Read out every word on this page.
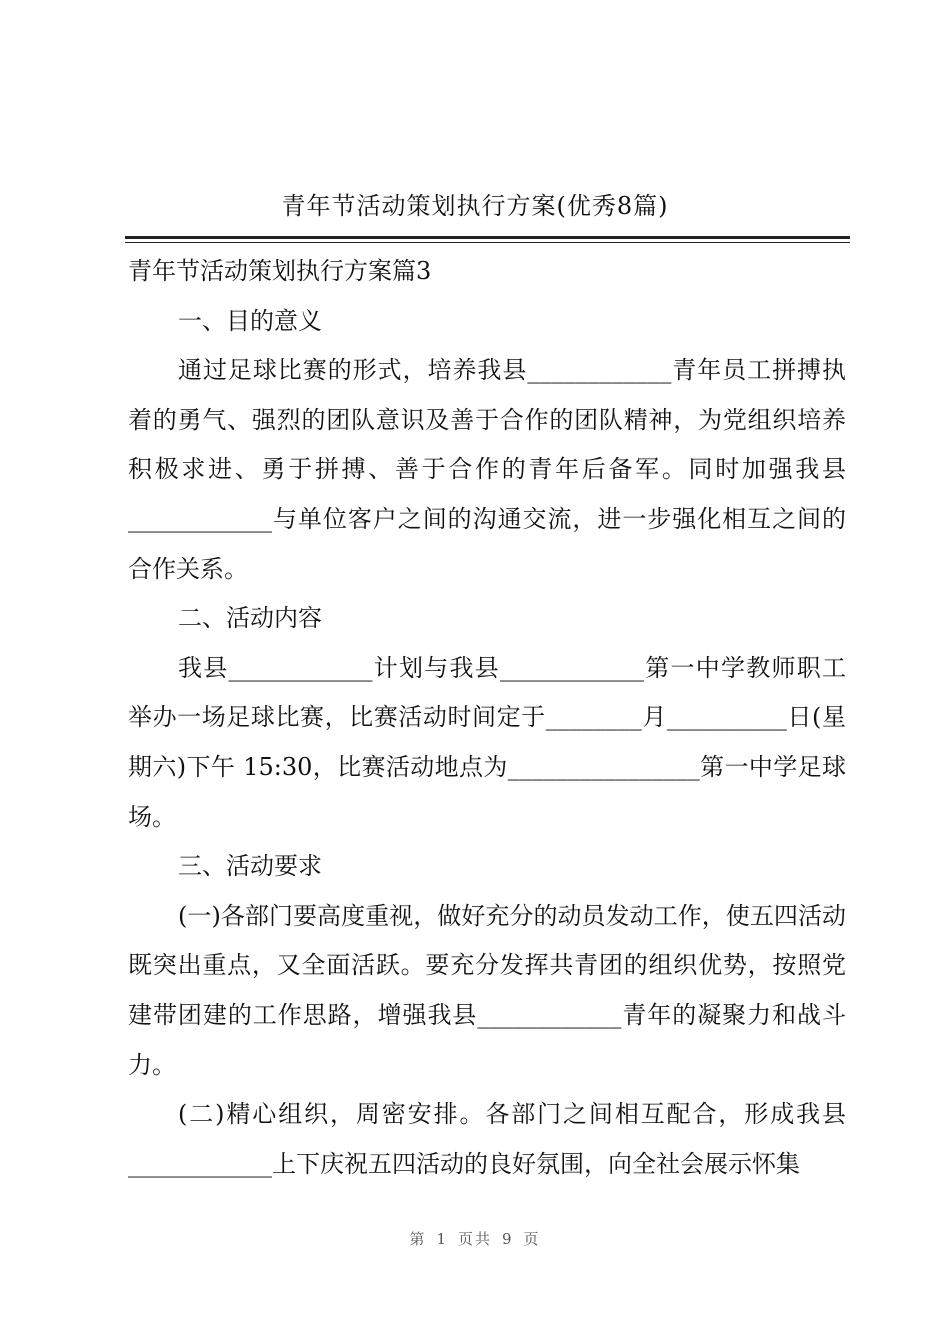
青年节活动策划执行方案(优秀8篇)

青年节活动策划执行方案篇3

一、目的意义

通过足球比赛的形式，培养我县____________青年员工拼搏执着的勇气、强烈的团队意识及善于合作的团队精神，为党组织培养积极求进、勇于拼搏、善于合作的青年后备军。同时加强我县____________与单位客户之间的沟通交流，进一步强化相互之间的合作关系。

二、活动内容

我县____________计划与我县____________第一中学教师职工举办一场足球比赛，比赛活动时间定于________月__________日(星期六)下午 15:30，比赛活动地点为________________第一中学足球场。

三、活动要求

(一)各部门要高度重视，做好充分的动员发动工作，使五四活动既突出重点，又全面活跃。要充分发挥共青团的组织优势，按照党建带团建的工作思路，增强我县____________青年的凝聚力和战斗力。

(二)精心组织，周密安排。各部门之间相互配合，形成我县____________上下庆祝五四活动的良好氛围，向全社会展示怀集

第 1 页共 9 页
